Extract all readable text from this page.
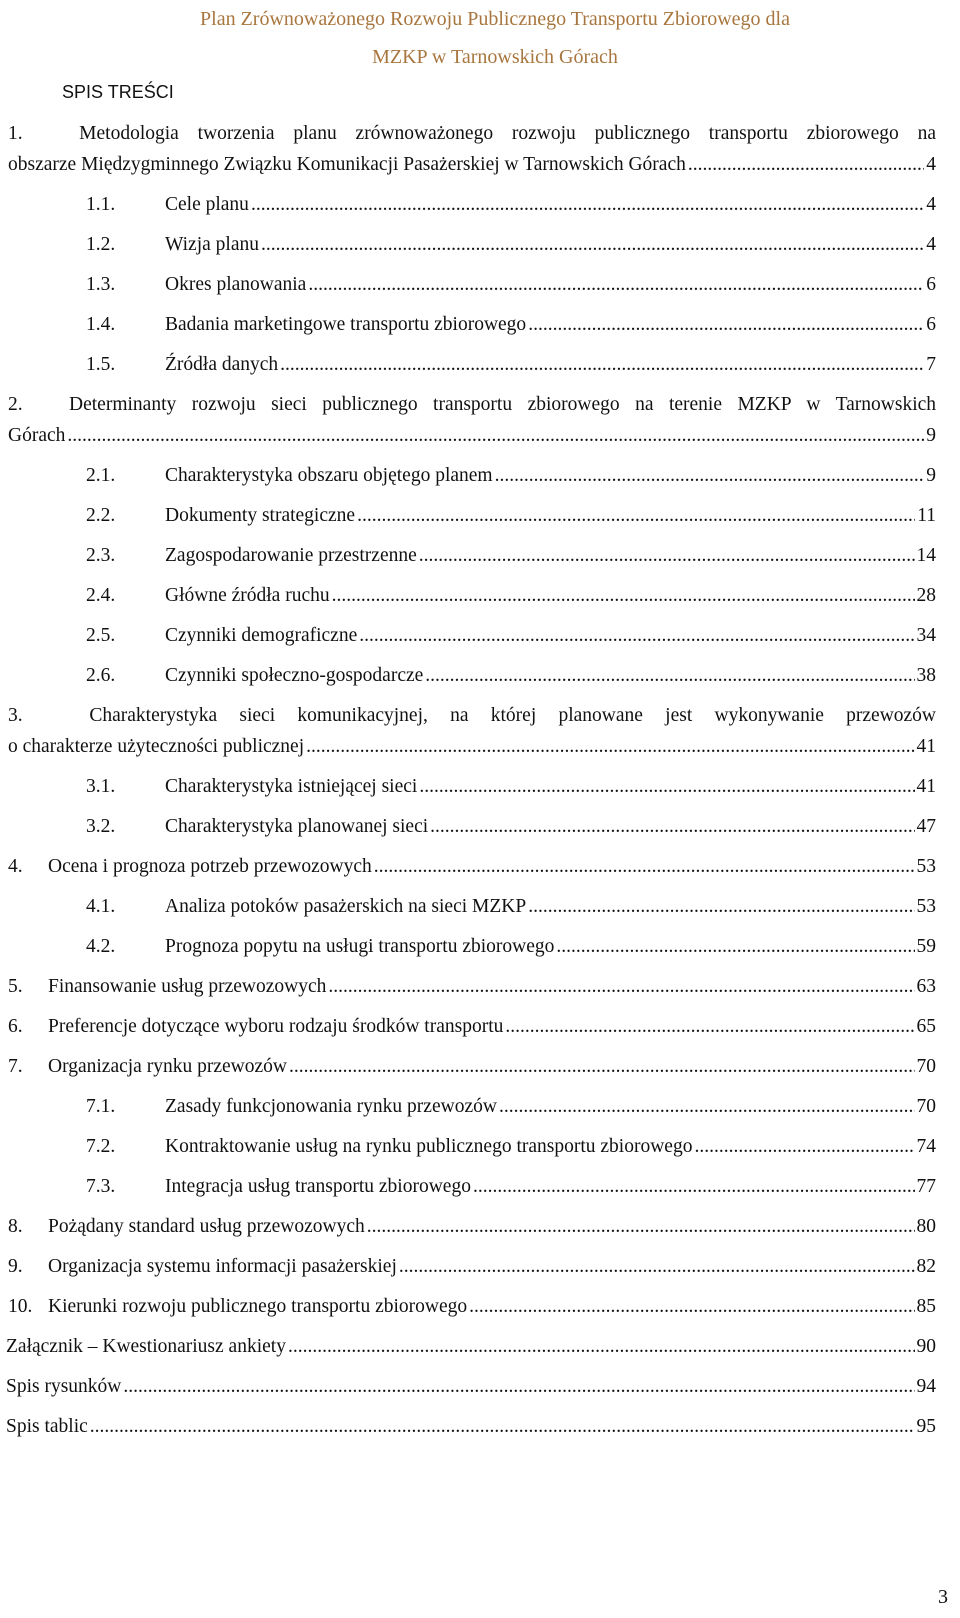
Plan Zrównoważonego Rozwoju Publicznego Transportu Zbiorowego dla
MZKP w Tarnowskich Górach
SPIS TREŚCI
1.	Metodologia tworzenia planu zrównoważonego rozwoju publicznego transportu zbiorowego na
obszarze Międzygminnego Związku Komunikacji Pasażerskiej w Tarnowskich Górach .....	4
1.1.	Cele planu .....	4
1.2.	Wizja planu .....	4
1.3.	Okres planowania .....	6
1.4.	Badania marketingowe transportu zbiorowego .....	6
1.5.	Źródła danych .....	7
2. Determinanty rozwoju sieci publicznego transportu zbiorowego na terenie MZKP w Tarnowskich
Górach .....	9
2.1.	Charakterystyka obszaru objętego planem .....	9
2.2.	Dokumenty strategiczne .....	11
2.3.	Zagospodarowanie przestrzenne .....	14
2.4.	Główne źródła ruchu .....	28
2.5.	Czynniki demograficzne .....	34
2.6.	Czynniki społeczno-gospodarcze .....	38
3.	Charakterystyka sieci komunikacyjnej, na której planowane jest wykonywanie przewozów
o charakterze użyteczności publicznej .....	41
3.1.	Charakterystyka istniejącej sieci .....	41
3.2.	Charakterystyka planowanej sieci .....	47
4. Ocena i prognoza potrzeb przewozowych .....	53
4.1.	Analiza potoków pasażerskich na sieci MZKP .....	53
4.2.	Prognoza popytu na usługi transportu zbiorowego .....	59
5. Finansowanie usług przewozowych .....	63
6. Preferencje dotyczące wyboru rodzaju środków transportu .....	65
7. Organizacja rynku przewozów .....	70
7.1.	Zasady funkcjonowania rynku przewozów .....	70
7.2.	Kontraktowanie usług na rynku publicznego transportu zbiorowego .....	74
7.3.	Integracja usług transportu zbiorowego .....	77
8. Pożądany standard usług przewozowych .....	80
9. Organizacja systemu informacji pasażerskiej .....	82
10. Kierunki rozwoju publicznego transportu zbiorowego .....	85
Załącznik – Kwestionariusz ankiety .....	90
Spis rysunków .....	94
Spis tablic .....	95
3
